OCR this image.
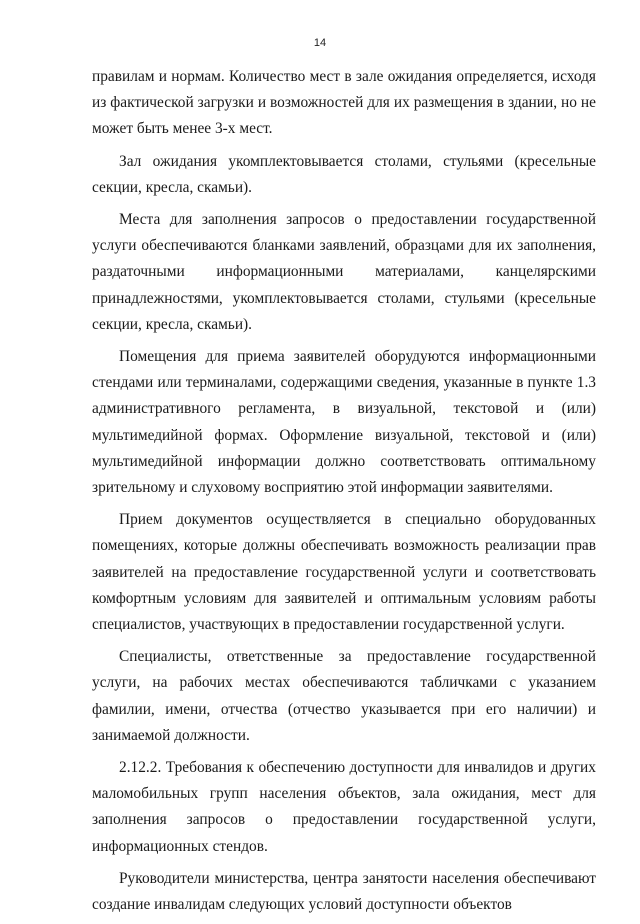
14

правилам и нормам. Количество мест в зале ожидания определяется, исходя из фактической загрузки и возможностей для их размещения в здании, но не может быть менее 3-х мест.

Зал ожидания укомплектовывается столами, стульями (кресельные секции, кресла, скамьи).

Места для заполнения запросов о предоставлении государственной услуги обеспечиваются бланками заявлений, образцами для их заполнения, раздаточными информационными материалами, канцелярскими принадлежностями, укомплектовывается столами, стульями (кресельные секции, кресла, скамьи).

Помещения для приема заявителей оборудуются информационными стендами или терминалами, содержащими сведения, указанные в пункте 1.3 административного регламента, в визуальной, текстовой и (или) мультимедийной формах. Оформление визуальной, текстовой и (или) мультимедийной информации должно соответствовать оптимальному зрительному и слуховому восприятию этой информации заявителями.

Прием документов осуществляется в специально оборудованных помещениях, которые должны обеспечивать возможность реализации прав заявителей на предоставление государственной услуги и соответствовать комфортным условиям для заявителей и оптимальным условиям работы специалистов, участвующих в предоставлении государственной услуги.

Специалисты, ответственные за предоставление государственной услуги, на рабочих местах обеспечиваются табличками с указанием фамилии, имени, отчества (отчество указывается при его наличии) и занимаемой должности.

2.12.2. Требования к обеспечению доступности для инвалидов и других маломобильных групп населения объектов, зала ожидания, мест для заполнения запросов о предоставлении государственной услуги, информационных стендов.

Руководители министерства, центра занятости населения обеспечивают создание инвалидам следующих условий доступности объектов
